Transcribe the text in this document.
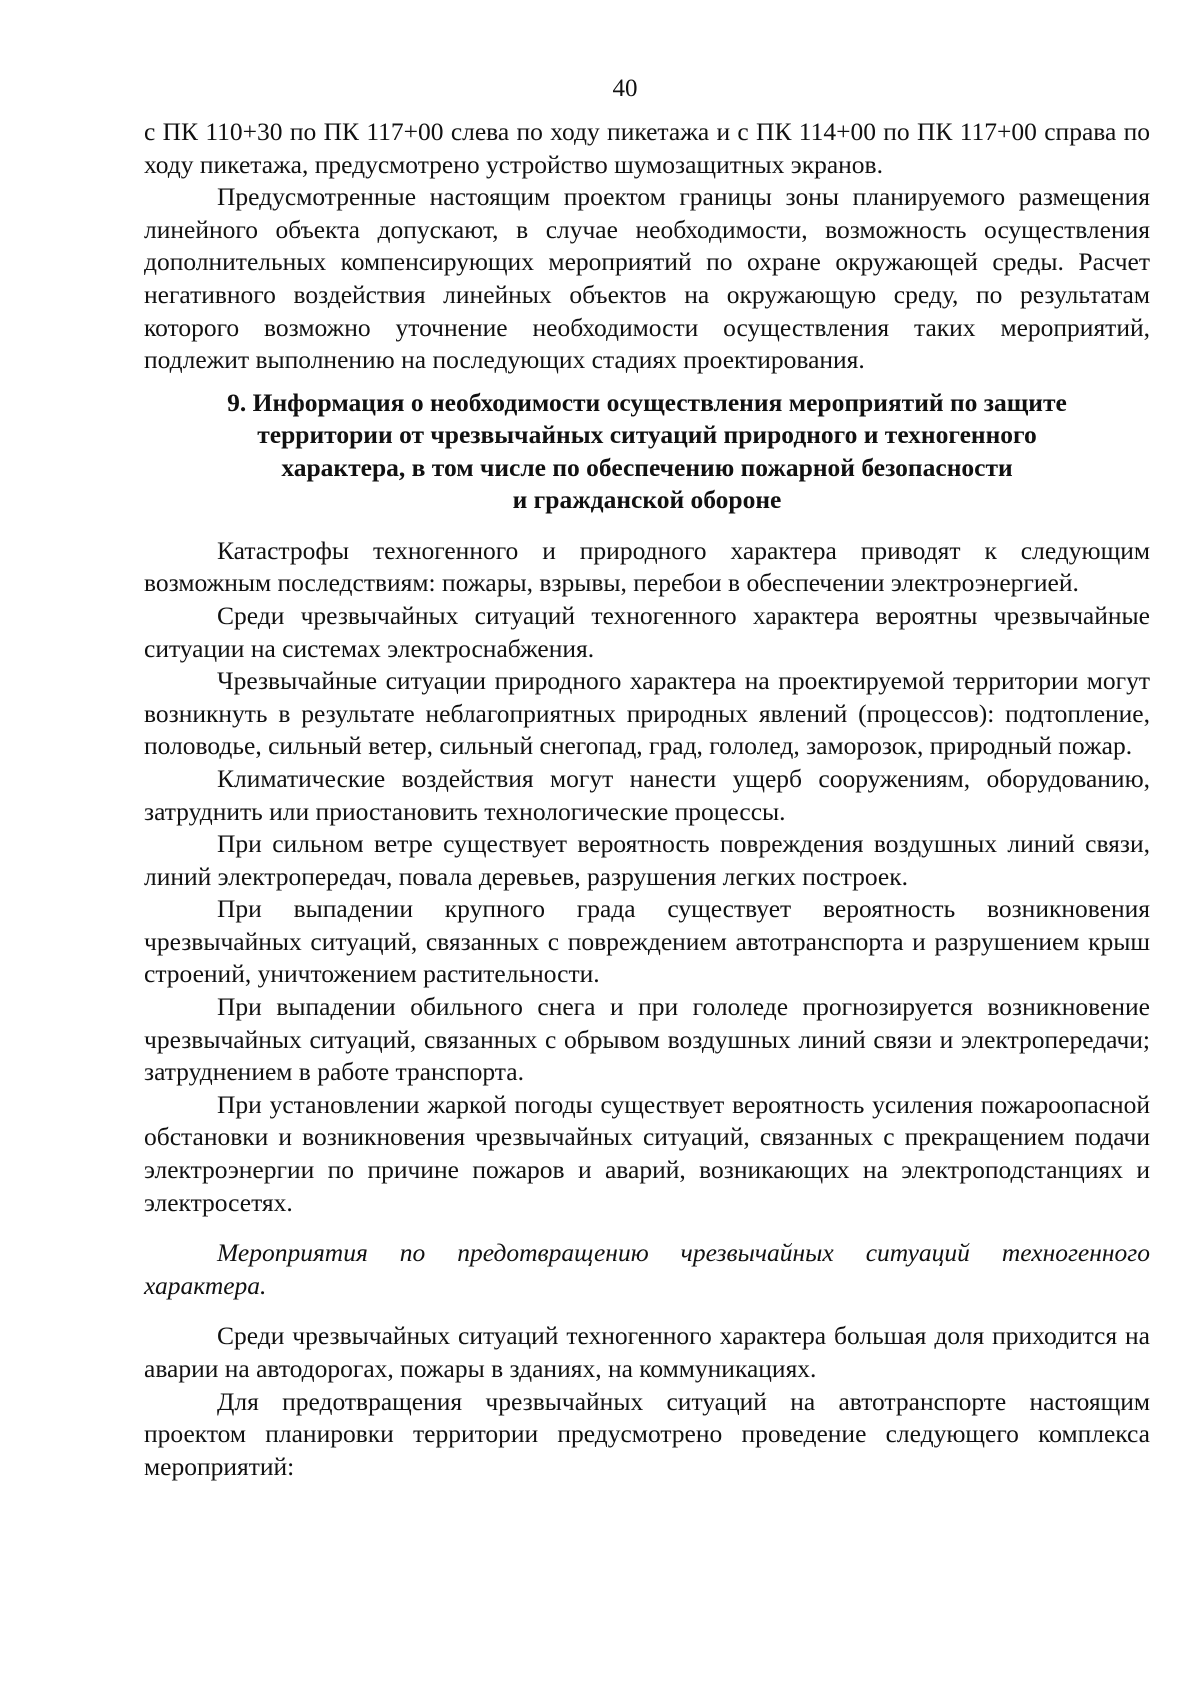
40

с ПК 110+30 по ПК 117+00 слева по ходу пикетажа и с ПК 114+00 по ПК 117+00 справа по ходу пикетажа, предусмотрено устройство шумозащитных экранов.

Предусмотренные настоящим проектом границы зоны планируемого размещения линейного объекта допускают, в случае необходимости, возможность осуществления дополнительных компенсирующих мероприятий по охране окружающей среды. Расчет негативного воздействия линейных объектов на окружающую среду, по результатам которого возможно уточнение необходимости осуществления таких мероприятий, подлежит выполнению на последующих стадиях проектирования.

9. Информация о необходимости осуществления мероприятий по защите
территории от чрезвычайных ситуаций природного и техногенного
характера, в том числе по обеспечению пожарной безопасности
и гражданской обороне

Катастрофы техногенного и природного характера приводят к следующим возможным последствиям: пожары, взрывы, перебои в обеспечении электроэнергией.

Среди чрезвычайных ситуаций техногенного характера вероятны чрезвычайные ситуации на системах электроснабжения.

Чрезвычайные ситуации природного характера на проектируемой территории могут возникнуть в результате неблагоприятных природных явлений (процессов): подтопление, половодье, сильный ветер, сильный снегопад, град, гололед, заморозок, природный пожар.

Климатические воздействия могут нанести ущерб сооружениям, оборудованию, затруднить или приостановить технологические процессы.

При сильном ветре существует вероятность повреждения воздушных линий связи, линий электропередач, повала деревьев, разрушения легких построек.

При выпадении крупного града существует вероятность возникновения чрезвычайных ситуаций, связанных с повреждением автотранспорта и разрушением крыш строений, уничтожением растительности.

При выпадении обильного снега и при гололеде прогнозируется возникновение чрезвычайных ситуаций, связанных с обрывом воздушных линий связи и электропередачи; затруднением в работе транспорта.

При установлении жаркой погоды существует вероятность усиления пожароопасной обстановки и возникновения чрезвычайных ситуаций, связанных с прекращением подачи электроэнергии по причине пожаров и аварий, возникающих на электроподстанциях и электросетях.

Мероприятия по предотвращению чрезвычайных ситуаций техногенного характера.

Среди чрезвычайных ситуаций техногенного характера большая доля приходится на аварии на автодорогах, пожары в зданиях, на коммуникациях.

Для предотвращения чрезвычайных ситуаций на автотранспорте настоящим проектом планировки территории предусмотрено проведение следующего комплекса мероприятий:
